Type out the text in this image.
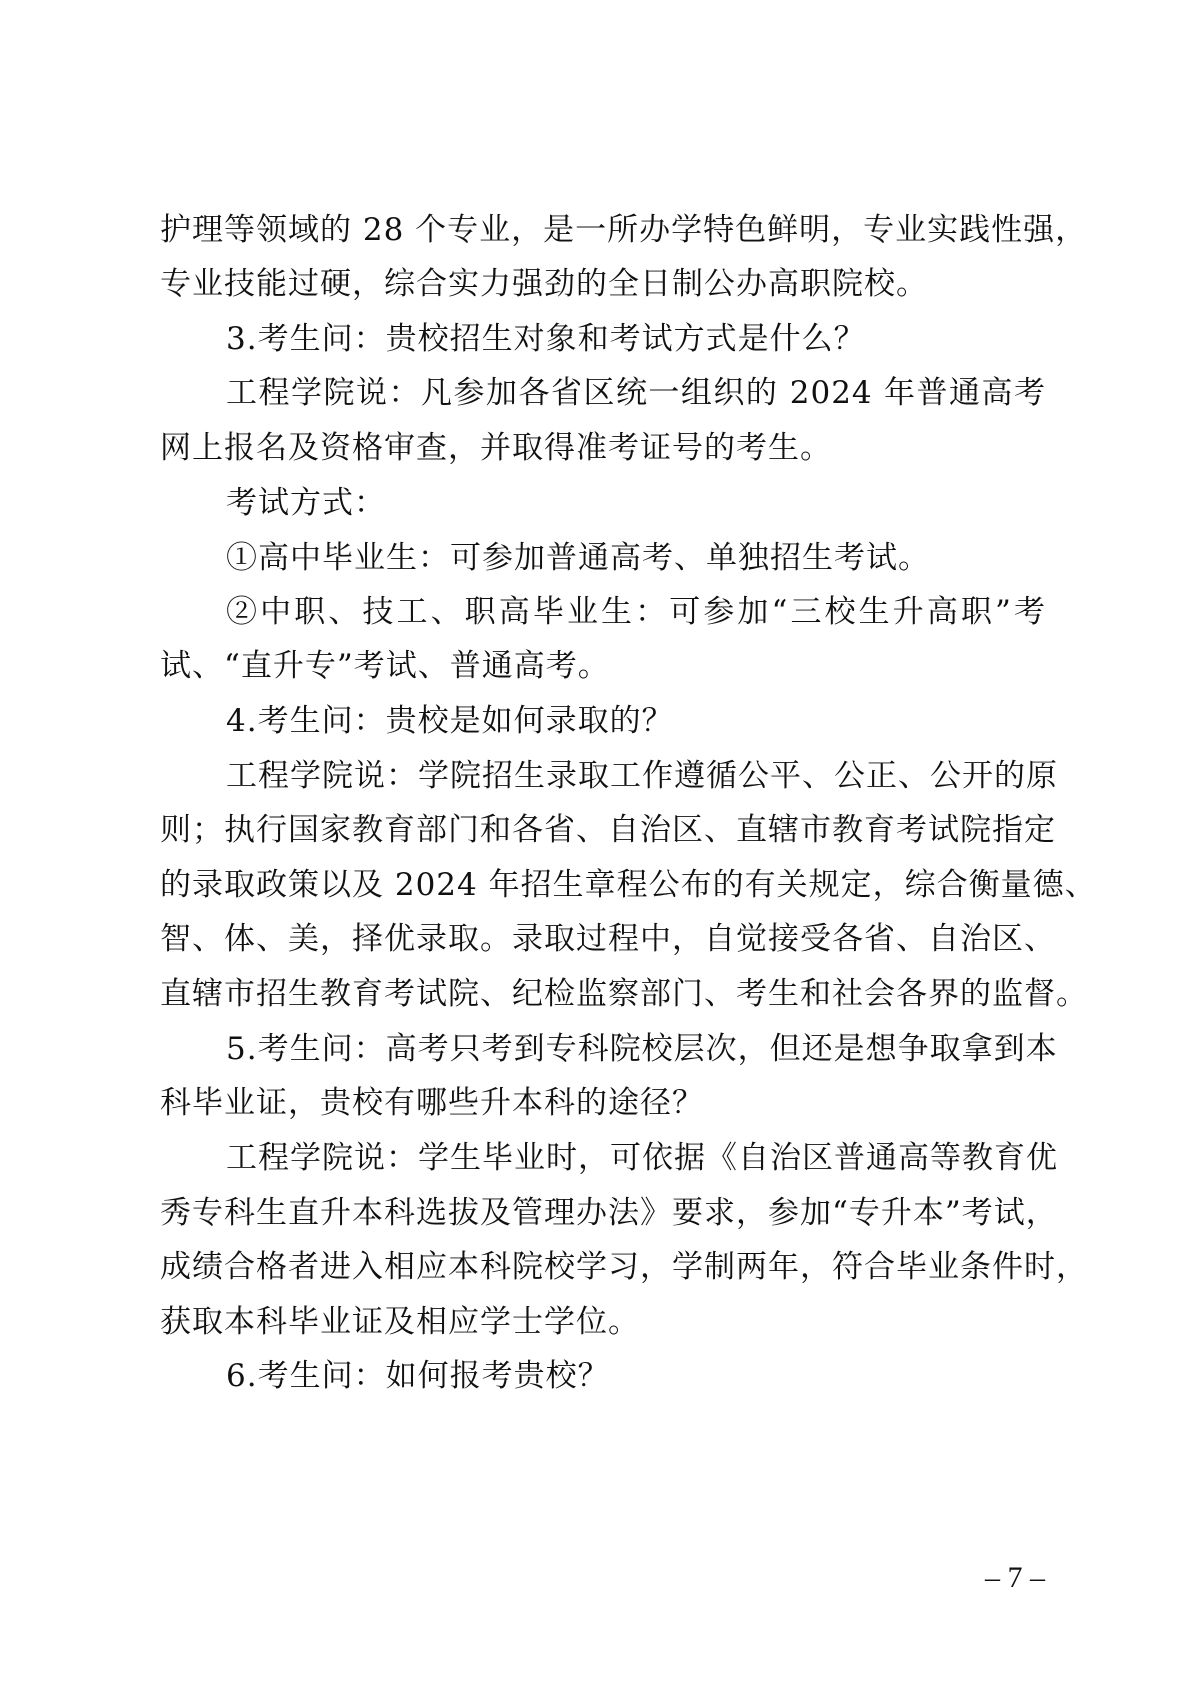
护理等领域的 28 个专业，是一所办学特色鲜明，专业实践性强，
专业技能过硬，综合实力强劲的全日制公办高职院校。
3.考生问：贵校招生对象和考试方式是什么？
工程学院说：凡参加各省区统一组织的 2024 年普通高考
网上报名及资格审查，并取得准考证号的考生。
考试方式：
①高中毕业生：可参加普通高考、单独招生考试。
②中职、技工、职高毕业生：可参加“三校生升高职”考
试、“直升专”考试、普通高考。
4.考生问：贵校是如何录取的？
工程学院说：学院招生录取工作遵循公平、公正、公开的原
则；执行国家教育部门和各省、自治区、直辖市教育考试院指定
的录取政策以及 2024 年招生章程公布的有关规定，综合衡量德、
智、体、美，择优录取。录取过程中，自觉接受各省、自治区、
直辖市招生教育考试院、纪检监察部门、考生和社会各界的监督。
5.考生问：高考只考到专科院校层次，但还是想争取拿到本
科毕业证，贵校有哪些升本科的途径？
工程学院说：学生毕业时，可依据《自治区普通高等教育优
秀专科生直升本科选拔及管理办法》要求，参加“专升本”考试，
成绩合格者进入相应本科院校学习，学制两年，符合毕业条件时，
获取本科毕业证及相应学士学位。
6.考生问：如何报考贵校？
– 7 –
